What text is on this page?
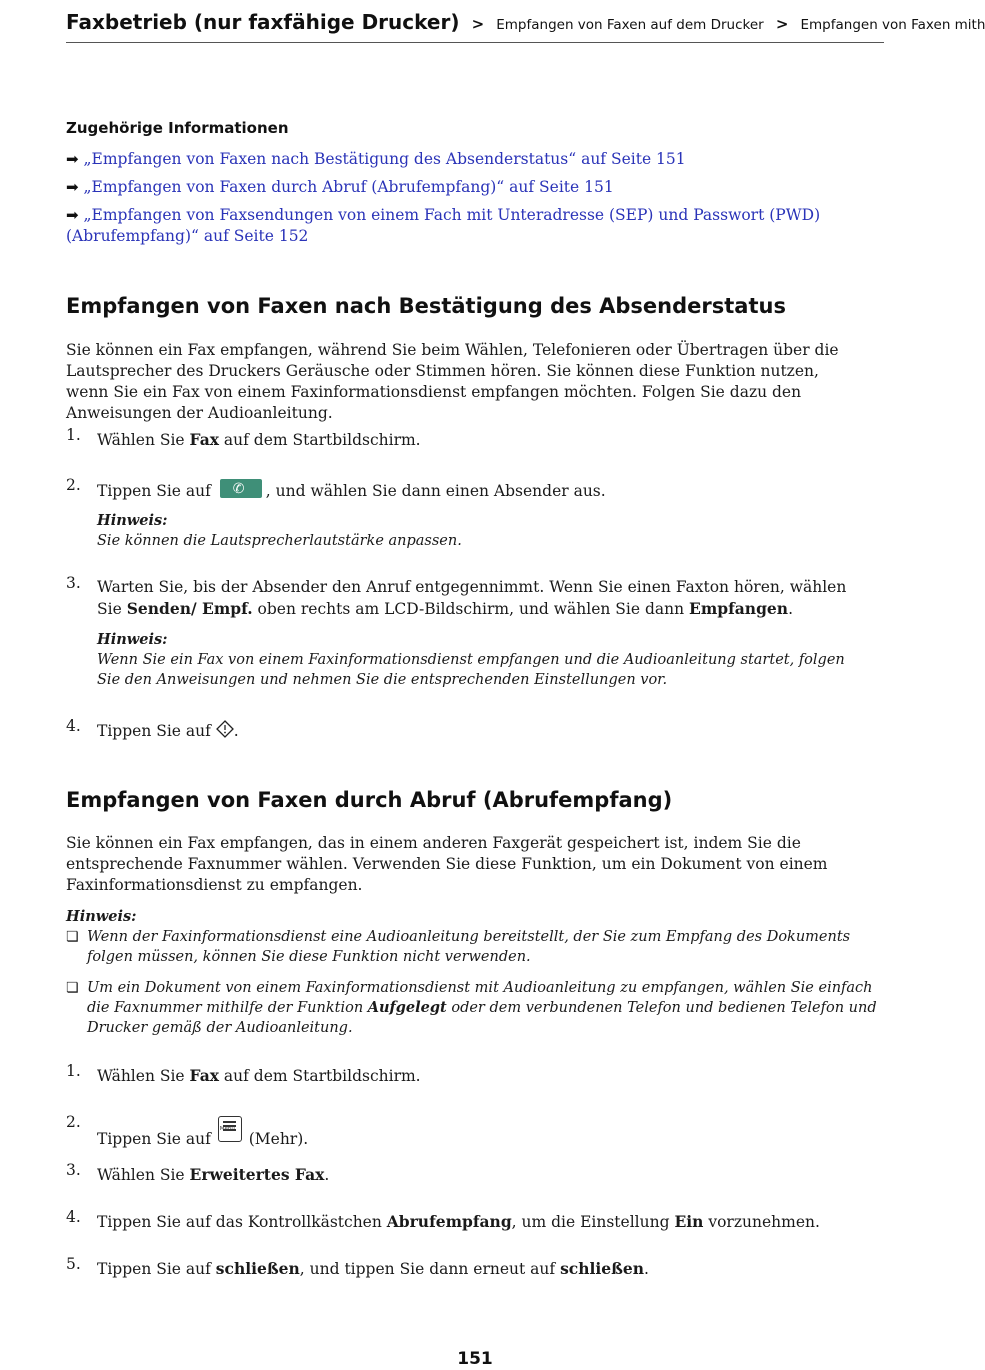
Faxbetrieb (nur faxfähige Drucker) > Empfangen von Faxen auf dem Drucker > Empfangen von Faxen mith
Zugehörige Informationen
➡ „Empfangen von Faxen nach Bestätigung des Absenderstatus“ auf Seite 151
➡ „Empfangen von Faxen durch Abruf (Abrufempfang)“ auf Seite 151
➡ „Empfangen von Faxsendungen von einem Fach mit Unteradresse (SEP) und Passwort (PWD)
(Abrufempfang)“ auf Seite 152
Empfangen von Faxen nach Bestätigung des Absenderstatus
Sie können ein Fax empfangen, während Sie beim Wählen, Telefonieren oder Übertragen über die Lautsprecher des Druckers Geräusche oder Stimmen hören. Sie können diese Funktion nutzen, wenn Sie ein Fax von einem Faxinformationsdienst empfangen möchten. Folgen Sie dazu den Anweisungen der Audioanleitung.
1. Wählen Sie Fax auf dem Startbildschirm.
2. Tippen Sie auf ✆ , und wählen Sie dann einen Absender aus.
Hinweis:
Sie können die Lautsprecherlautstärke anpassen.
3. Warten Sie, bis der Absender den Anruf entgegennimmt. Wenn Sie einen Faxton hören, wählen Sie Senden/ Empf. oben rechts am LCD-Bildschirm, und wählen Sie dann Empfangen.
Hinweis:
Wenn Sie ein Fax von einem Faxinformationsdienst empfangen und die Audioanleitung startet, folgen Sie den Anweisungen und nehmen Sie die entsprechenden Einstellungen vor.
4. Tippen Sie auf .
Empfangen von Faxen durch Abruf (Abrufempfang)
Sie können ein Fax empfangen, das in einem anderen Faxgerät gespeichert ist, indem Sie die entsprechende Faxnummer wählen. Verwenden Sie diese Funktion, um ein Dokument von einem Faxinformationsdienst zu empfangen.
Hinweis:
❏ Wenn der Faxinformationsdienst eine Audioanleitung bereitstellt, der Sie zum Empfang des Dokuments folgen müssen, können Sie diese Funktion nicht verwenden.
❏ Um ein Dokument von einem Faxinformationsdienst mit Audioanleitung zu empfangen, wählen Sie einfach die Faxnummer mithilfe der Funktion Aufgelegt oder dem verbundenen Telefon und bedienen Telefon und Drucker gemäß der Audioanleitung.
1. Wählen Sie Fax auf dem Startbildschirm.
2.
Tippen Sie auf
Menu
(Mehr).
3. Wählen Sie Erweitertes Fax.
4. Tippen Sie auf das Kontrollkästchen Abrufempfang, um die Einstellung Ein vorzunehmen.
5. Tippen Sie auf schließen, und tippen Sie dann erneut auf schließen.
151
